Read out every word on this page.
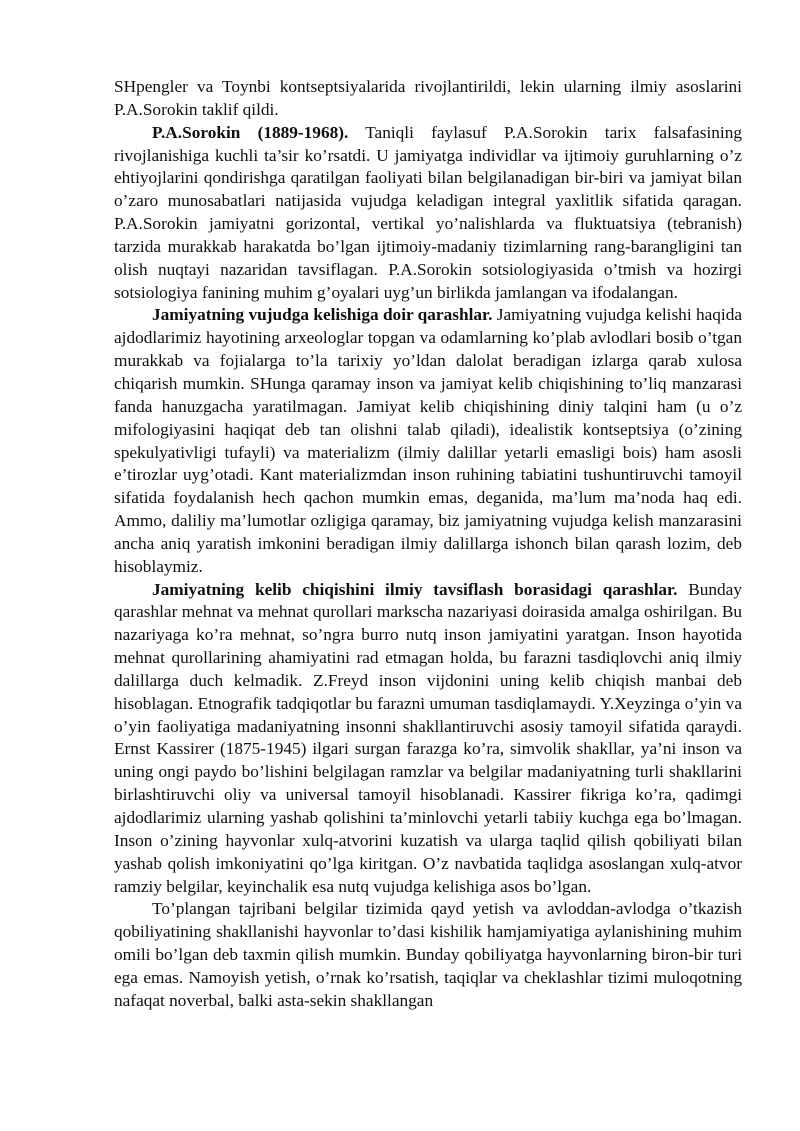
SHpengler va Toynbi kontseptsiyalarida rivojlantirildi, lekin ularning ilmiy asoslarini P.A.Sorokin taklif qildi.

P.A.Sorokin (1889-1968). Taniqli faylasuf P.A.Sorokin tarix falsafasining rivojlanishiga kuchli ta’sir ko’rsatdi. U jamiyatga individlar va ijtimoiy guruhlarning o’z ehtiyojlarini qondirishga qaratilgan faoliyati bilan belgilanadigan bir-biri va jamiyat bilan o’zaro munosabatlari natijasida vujudga keladigan integral yaxlitlik sifatida qaragan. P.A.Sorokin jamiyatni gorizontal, vertikal yo’nalishlarda va fluktuatsiya (tebranish) tarzida murakkab harakatda bo’lgan ijtimoiy-madaniy tizimlarning rang-barangligini tan olish nuqtayi nazaridan tavsiflagan. P.A.Sorokin sotsiologiyasida o’tmish va hozirgi sotsiologiya fanining muhim g’oyalari uyg’un birlikda jamlangan va ifodalangan.

Jamiyatning vujudga kelishiga doir qarashlar. Jamiyatning vujudga kelishi haqida ajdodlarimiz hayotining arxeologlar topgan va odamlarning ko’plab avlodlari bosib o’tgan murakkab va fojialarga to’la tarixiy yo’ldan dalolat beradigan izlarga qarab xulosa chiqarish mumkin. SHunga qaramay inson va jamiyat kelib chiqishining to’liq manzarasi fanda hanuzgacha yaratilmagan. Jamiyat kelib chiqishining diniy talqini ham (u o’z mifologiyasini haqiqat deb tan olishni talab qiladi), idealistik kontseptsiya (o’zining spekulyativligi tufayli) va materializm (ilmiy dalillar yetarli emasligi bois) ham asosli e’tirozlar uyg’otadi. Kant materializmdan inson ruhining tabiatini tushuntiruvchi tamoyil sifatida foydalanish hech qachon mumkin emas, deganida, ma’lum ma’noda haq edi. Ammo, daliliy ma’lumotlar ozligiga qaramay, biz jamiyatning vujudga kelish manzarasini ancha aniq yaratish imkonini beradigan ilmiy dalillarga ishonch bilan qarash lozim, deb hisoblaymiz.

Jamiyatning kelib chiqishini ilmiy tavsiflash borasidagi qarashlar. Bunday qarashlar mehnat va mehnat qurollari markscha nazariyasi doirasida amalga oshirilgan. Bu nazariyaga ko’ra mehnat, so’ngra burro nutq inson jamiyatini yaratgan. Inson hayotida mehnat qurollarining ahamiyatini rad etmagan holda, bu farazni tasdiqlovchi aniq ilmiy dalillarga duch kelmadik. Z.Freyd inson vijdonini uning kelib chiqish manbai deb hisoblagan. Etnografik tadqiqotlar bu farazni umuman tasdiqlamaydi. Y.Xeyzinga o’yin va o’yin faoliyatiga madaniyatning insonni shakllantiruvchi asosiy tamoyil sifatida qaraydi. Ernst Kassirer (1875-1945) ilgari surgan farazga ko’ra, simvolik shakllar, ya’ni inson va uning ongi paydo bo’lishini belgilagan ramzlar va belgilar madaniyatning turli shakllarini birlashtiruvchi oliy va universal tamoyil hisoblanadi. Kassirer fikriga ko’ra, qadimgi ajdodlarimiz ularning yashab qolishini ta’minlovchi yetarli tabiiy kuchga ega bo’lmagan. Inson o’zining hayvonlar xulq-atvorini kuzatish va ularga taqlid qilish qobiliyati bilan yashab qolish imkoniyatini qo’lga kiritgan. O’z navbatida taqlidga asoslangan xulq-atvor ramziy belgilar, keyinchalik esa nutq vujudga kelishiga asos bo’lgan.

To’plangan tajribani belgilar tizimida qayd yetish va avloddan-avlodga o’tkazish qobiliyatining shakllanishi hayvonlar to’dasi kishilik hamjamiyatiga aylanishining muhim omili bo’lgan deb taxmin qilish mumkin. Bunday qobiliyatga hayvonlarning biron-bir turi ega emas. Namoyish yetish, o’rnak ko’rsatish, taqiqlar va cheklashlar tizimi muloqotning nafaqat noverbal, balki asta-sekin shakllangan
